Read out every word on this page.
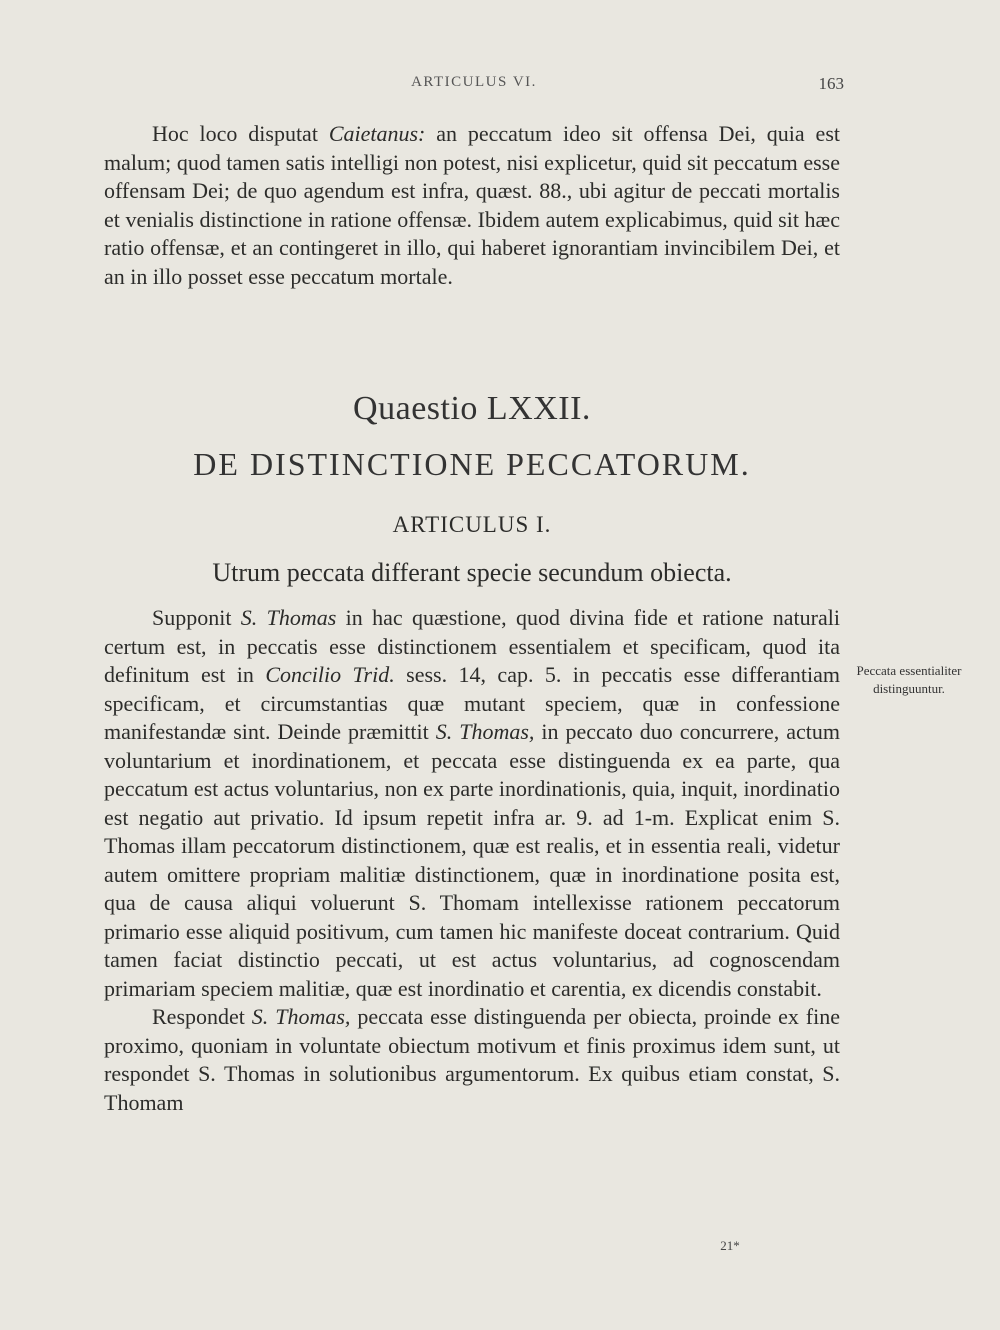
ARTICULUS VI.	163

Hoc loco disputat Caietanus: an peccatum ideo sit offensa Dei, quia est malum; quod tamen satis intelligi non potest, nisi explicetur, quid sit peccatum esse offensam Dei; de quo agendum est infra, quæst. 88., ubi agitur de peccati mortalis et venialis distinctione in ratione offensæ. Ibidem autem explicabimus, quid sit hæc ratio offensæ, et an contingeret in illo, qui haberet ignorantiam invincibilem Dei, et an in illo posset esse peccatum mortale.

Quaestio LXXII.
DE DISTINCTIONE PECCATORUM.
ARTICULUS I.
Utrum peccata differant specie secundum obiecta.

Supponit S. Thomas in hac quæstione, quod divina fide et ratione naturali certum est, in peccatis esse distinctionem essentialem et specificam, quod ita definitum est in Concilio Trid. sess. 14, cap. 5. in peccatis esse differantiam specificam, et circumstantias quæ mutant speciem, quæ in confessione manifestandæ sint. Deinde præmittit S. Thomas, in peccato duo concurrere, actum voluntarium et inordinationem, et peccata esse distinguenda ex ea parte, qua peccatum est actus voluntarius, non ex parte inordinationis, quia, inquit, inordinatio est negatio aut privatio. Id ipsum repetit infra ar. 9. ad 1-m. Explicat enim S. Thomas illam peccatorum distinctionem, quæ est realis, et in essentia reali, videtur autem omittere propriam malitiæ distinctionem, quæ in inordinatione posita est, qua de causa aliqui voluerunt S. Thomam intellexisse rationem peccatorum primario esse aliquid positivum, cum tamen hic manifeste doceat contrarium. Quid tamen faciat distinctio peccati, ut est actus voluntarius, ad cognoscendam primariam speciem malitiæ, quæ est inordinatio et carentia, ex dicendis constabit.

Respondet S. Thomas, peccata esse distinguenda per obiecta, proinde ex fine proximo, quoniam in voluntate obiectum motivum et finis proximus idem sunt, ut respondet S. Thomas in solutionibus argumentorum. Ex quibus etiam constat, S. Thomam

Peccata essentialiter distinguuntur.
21*
